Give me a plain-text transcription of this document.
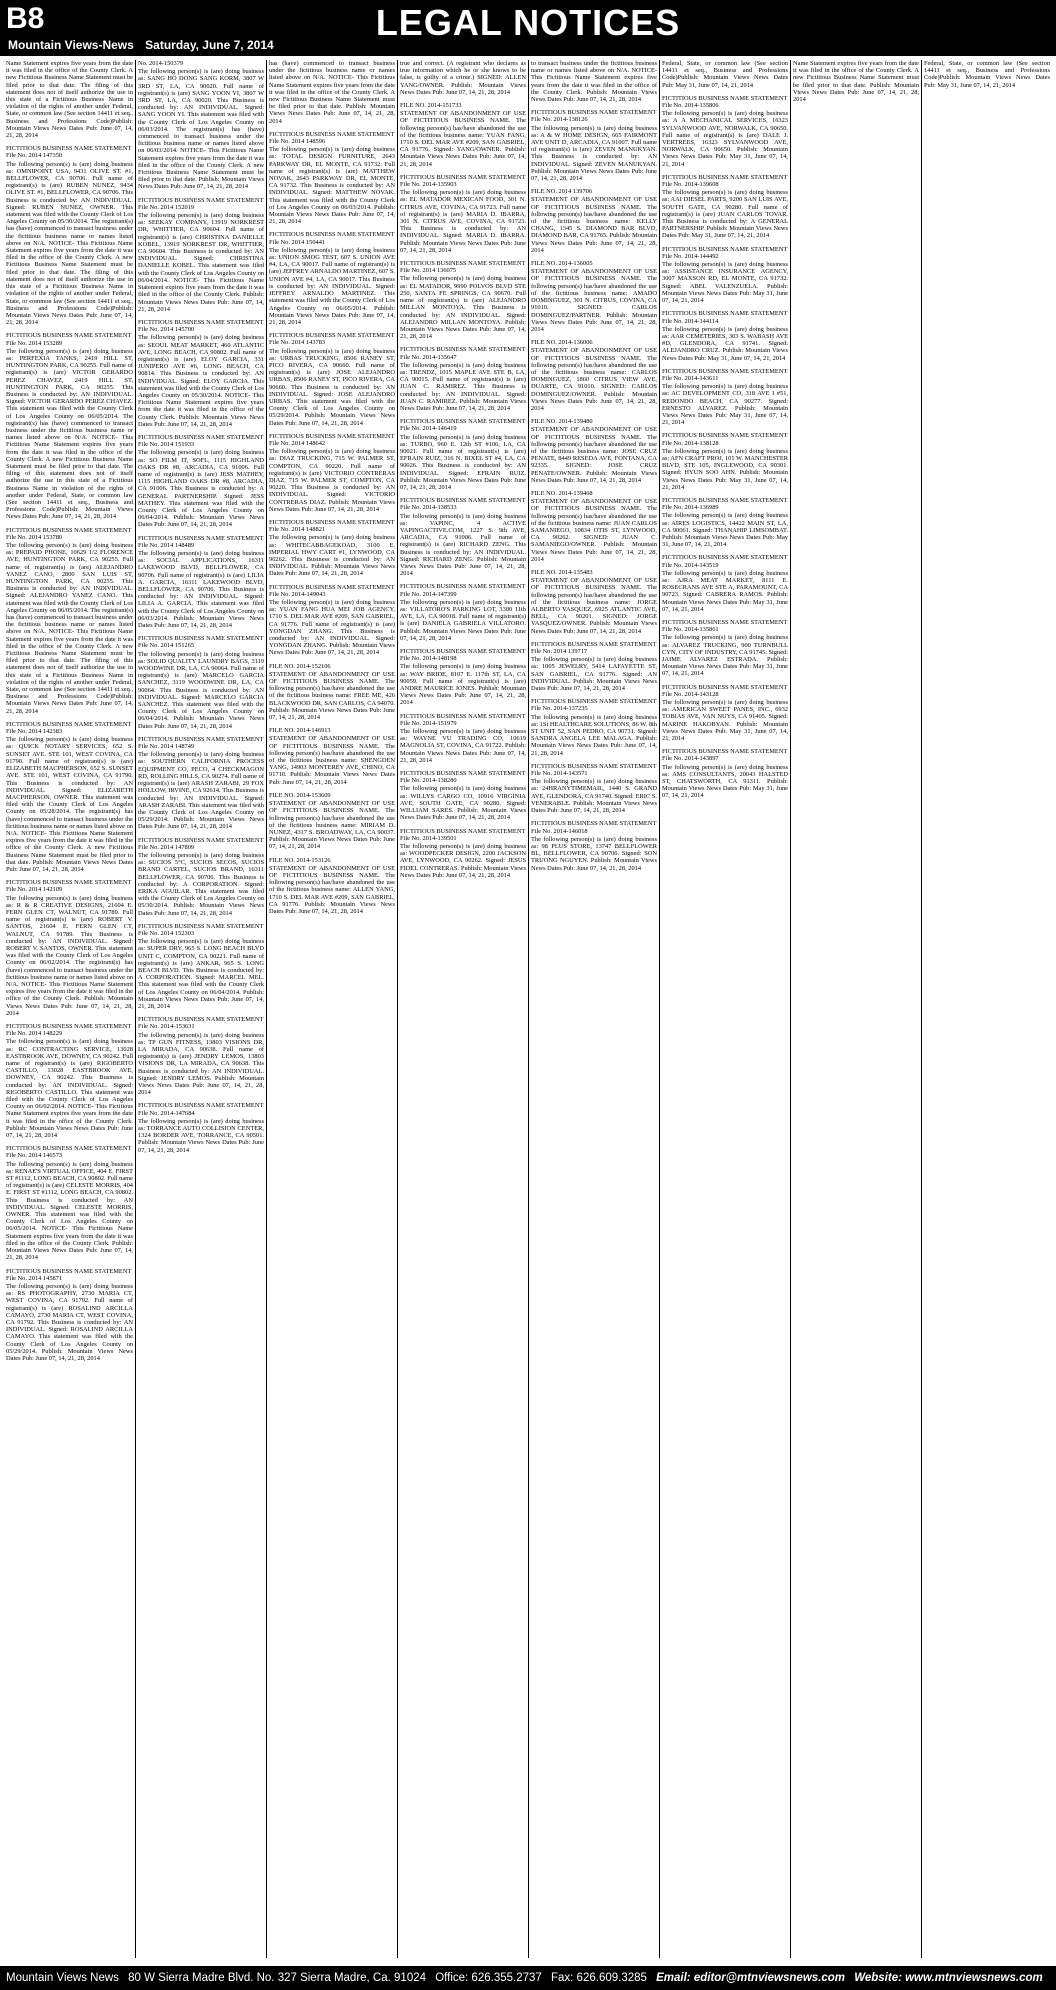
B8	LEGAL NOTICES
Mountain Views-News Saturday, June 7, 2014

Name Statement expires five years from the date it was filed in the office of the County Clerk. A new Fictitious Business Name Statement must be filed prior to that date. The filing of this statement does not of itself authorize the use in this state of a Fictitious Business Name in violation of the rights of another under Federal, State, or common law (See section 14411 et seq., Business and Professions Code)Publish: Mountain Views News Dates Pub: June 07, 14, 21, 28, 2014

FICTITIOUS BUSINESS NAME STATEMENT File No. 2014 147350

The following person(s) is (are) doing business as: OMNIPOINT USA, 9431 OLIVE ST. #1, BELLFLOWER, CA 90706. Full name of registrant(s) is (are) RUBEN NUNEZ, 9434 OLIVE ST. #1, BELLFLOWER, CA 90706. This Business is conducted by: AN INDIVIDUAL. Signed: RUBEN NUNEZ, OWNER. This statement was filed with the County Clerk of Los Angeles County on 05/30/2014. The registrant(s) has (have) commenced to transact business under the fictitious business name or names listed above on N/A. NOTICE- This Fictitious Name Statement expires five years from the date it was filed in the office of the County Clerk. A new Fictitious Business Name Statement must be filed prior to that date. The filing of this statement does not of itself authorize the use in this state of a Fictitious Business Name in violation of the rights of another under Federal, State, or common law (See section 14411 et seq., Business and Professions Code)Publish: Mountain Views News Dates Pub: June 07, 14, 21, 28, 2014

FICTITIOUS BUSINESS NAME STATEMENT File No. 2014 153289

The following person(s) is (are) doing business as: PERFEXIA TANKS, 2419 HILL ST, HUNTINGTON PARK, CA 90255. Full name of registrant(s) is (are) VICTOR GERARDO PEREZ CHAVEZ, 2419 HILL ST, HUNTINGTON PARK, CA 90255. This Business is conducted by: AN INDIVIDUAL. Signed: VICTOR GERARDO PEREZ CHAVEZ. This statement was filed with the County Clerk of Los Angeles County on 06/05/2014. The registrant(s) has (have) commenced to transact business under the fictitious business name or names listed above on N/A. NOTICE- This Fictitious Name Statement expires five years from the date it was filed in the office of the County Clerk. A new Fictitious Business Name Statement must be filed prior to that date. The filing of this statement does not of itself authorize the use in this state of a Fictitious Business Name in violation of the rights of another under Federal, State, or common law (See section 14411 et seq., Business and Professions Code)Publish: Mountain Views News Dates Pub: June 07, 14, 21, 28, 2014

FICTITIOUS BUSINESS NAME STATEMENT File No. 2014 153780

The following person(s) is (are) doing business as: PREPAID PHONE, 10629 1/2 FLORENCE AVE, HUNTINGTON PARK, CA 90255. Full name of registrant(s) is (are) ALEJANDRO YANEZ CANO, 2800 SAN LUIS ST, HUNTINGTON PARK, CA 90255. This Business is conducted by: AN INDIVIDUAL. Signed: ALEJANDRO YANEZ CANO. This statement was filed with the County Clerk of Los Angeles County on 06/05/2014. The registrant(s) has (have) commenced to transact business under the fictitious business name or names listed above on N/A. NOTICE- This Fictitious Name Statement expires five years from the date it was filed in the office of the County Clerk. A new Fictitious Business Name Statement must be filed prior to that date. The filing of this statement does not of itself authorize the use in this state of a Fictitious Business Name in violation of the rights of another under Federal, State, or common law (See section 14411 et seq., Business and Professions Code)Publish: Mountain Views News Dates Pub: June 07, 14, 21, 28, 2014

FICTITIOUS BUSINESS NAME STATEMENT File No. 2014 142383

The following person(s) is (are) doing business as: QUICK NOTARY SERVICES, 652 S. SUNSET AVE. STE 101, WEST COVINA, CA 91790. Full name of registrant(s) is (are) ELIZABETH MACPHERSON, 652 S. SUNSET AVE. STE 101, WEST COVINA, CA 91790. This Business is conducted by: AN INDIVIDUAL. Signed: ELIZABETH MACPHERSON, OWNER. This statement was filed with the County Clerk of Los Angeles County on 05/28/2014. The registrant(s) has (have) commenced to transact business under the fictitious business name or names listed above on N/A. NOTICE- This Fictitious Name Statement expires five years from the date it was filed in the office of the County Clerk. A new Fictitious Business Name Statement must be filed prior to that date. Publish: Mountain Views News Dates Pub: June 07, 14, 21, 28, 2014

FICTITIOUS BUSINESS NAME STATEMENT File No. 2014 142109

The following person(s) is (are) doing business as: R & R CREATIVE DESIGNS, 21604 E. FERN GLEN CT, WALNUT, CA 91789. Full name of registrant(s) is (are) ROBERT V. SANTOS, 21604 E. FERN GLEN CT, WALNUT, CA 91789. This Business is conducted by: AN INDIVIDUAL. Signed: ROBERT V. SANTOS, OWNER. This statement was filed with the County Clerk of Los Angeles County on 06/02/2014. The registrant(s) has (have) commenced to transact business under the fictitious business name or names listed above on N/A. NOTICE- This Fictitious Name Statement expires five years from the date it was filed in the office of the County Clerk. Publish: Mountain Views News Dates Pub: June 07, 14, 21, 28, 2014

FICTITIOUS BUSINESS NAME STATEMENT File No. 2014 148229

The following person(s) is (are) doing business as: RC CONTRACTING SERVICE, 13028 EASTBROOK AVE, DOWNEY, CA 90242. Full name of registrant(s) is (are) RIGOBERTO CASTILLO, 13028 EASTBROOK AVE, DOWNEY, CA 90242. This Business is conducted by: AN INDIVIDUAL. Signed: RIGOBERTO CASTILLO. This statement was filed with the County Clerk of Los Angeles County on 06/02/2014. NOTICE- This Fictitious Name Statement expires five years from the date it was filed in the office of the County Clerk. Publish: Mountain Views News Dates Pub: June 07, 14, 21, 28, 2014

FICTITIOUS BUSINESS NAME STATEMENT File No. 2014 146573

The following person(s) is (are) doing business as: RENAE'S VIRTUAL OFFICE, 404 E. FIRST ST #1112, LONG BEACH, CA 90802. Full name of registrant(s) is (are) CELESTE MORRIS, 404 E. FIRST ST #1112, LONG BEACH, CA 90802. This Business is conducted by: AN INDIVIDUAL. Signed: CELESTE MORRIS, OWNER. This statement was filed with the County Clerk of Los Angeles County on 06/05/2014. NOTICE- This Fictitious Name Statement expires five years from the date it was filed in the office of the County Clerk. Publish: Mountain Views News Dates Pub: June 07, 14, 21, 28, 2014

FICTITIOUS BUSINESS NAME STATEMENT File No. 2014 145871

The following person(s) is (are) doing business as: RS PHOTOGRAPHY, 2730 MARIA CT, WEST COVINA, CA 91792. Full name of registrant(s) is (are) ROSALIND ARCILLA CAMAYO, 2730 MARIA CT, WEST COVINA, CA 91792. This Business is conducted by: AN INDIVIDUAL. Signed: ROSALIND ARCILLA CAMAYO. This statement was filed with the County Clerk of Los Angeles County on 05/29/2014. Publish: Mountain Views News Dates Pub: June 07, 14, 21, 28, 2014

No. 2014-150379

The following person(s) is (are) doing business as: SANG HO DONG SANG KORM, 3807 W 3RD ST, LA, CA 90020. Full name of registrant(s) is (are) SANG YOON YI, 3807 W 3RD ST, LA, CA 90020. This Business is conducted by: AN INDIVIDUAL. Signed: SANG YOON YI. This statement was filed with the County Clerk of Los Angeles County on 06/03/2014. The registrant(s) has (have) commenced to transact business under the fictitious business name or names listed above on 06/03/2014. NOTICE- This Fictitious Name Statement expires five years from the date it was filed in the office of the County Clerk. A new Fictitious Business Name Statement must be filed prior to that date. Publish: Mountain Views News Dates Pub: June 07, 14, 21, 28, 2014

FICTITIOUS BUSINESS NAME STATEMENT File No. 2014 152019

The following person(s) is (are) doing business as: SEEKAY COMPANY, 13919 NORKREST DR, WHITTIER, CA 90604. Full name of registrant(s) is (are) CHRISTINA DANIELLE KOBEL, 13919 NORKREST DR, WHITTIER, CA 90604. This Business is conducted by: AN INDIVIDUAL. Signed: CHRISTINA DANIELLE KOBEL. This statement was filed with the County Clerk of Los Angeles County on 06/04/2014. NOTICE- This Fictitious Name Statement expires five years from the date it was filed in the office of the County Clerk. Publish: Mountain Views News Dates Pub: June 07, 14, 21, 28, 2014

FICTITIOUS BUSINESS NAME STATEMENT File No. 2014 145700

The following person(s) is (are) doing business as: SEOUL MEAT MARKET, 460 ATLANTIC AVE, LONG BEACH, CA 90802. Full name of registrant(s) is (are) ELOY GARCIA, 331 JUNIPERO AVE #6, LONG BEACH, CA 90814. This Business is conducted by: AN INDIVIDUAL. Signed: ELOY GARCIA. This statement was filed with the County Clerk of Los Angeles County on 05/30/2014. NOTICE- This Fictitious Name Statement expires five years from the date it was filed in the office of the County Clerk. Publish: Mountain Views News Dates Pub: June 07, 14, 21, 28, 2014

FICTITIOUS BUSINESS NAME STATEMENT File No. 2014 151933

The following person(s) is (are) doing business as: SO FILM IT, SOFL, 1115 HIGHLAND OAKS DR #8, ARCADIA, CA 91006. Full name of registrant(s) is (are) JESS MATHEY, 1115 HIGHLAND OAKS DR #8, ARCADIA, CA 91006. This Business is conducted by: A GENERAL PARTNERSHIP. Signed: JESS MATHEY. This statement was filed with the County Clerk of Los Angeles County on 06/04/2014. Publish: Mountain Views News Dates Pub: June 07, 14, 21, 28, 2014

FICTITIOUS BUSINESS NAME STATEMENT File No. 2014 148489

The following person(s) is (are) doing business as: SOCIAL APPLICATIONS, 16311 LAKEWOOD BLVD, BELLFLOWER, CA 90706. Full name of registrant(s) is (are) LILIA A. GARCIA, 16311 LAKEWOOD BLVD, BELLFLOWER, CA 90706. This Business is conducted by: AN INDIVIDUAL. Signed: LILIA A. GARCIA. This statement was filed with the County Clerk of Los Angeles County on 06/03/2014. Publish: Mountain Views News Dates Pub: June 07, 14, 21, 28, 2014

FICTITIOUS BUSINESS NAME STATEMENT File No. 2014 151265

The following person(s) is (are) doing business as: SOLID QUALITY LAUNDRY BAGS, 3119 WOODWINE DR, LA, CA 90064. Full name of registrant(s) is (are) MARCELO GARCIA SANCHEZ, 3119 WOODWINE DR, LA, CA 90064. This Business is conducted by: AN INDIVIDUAL. Signed: MARCELO GARCIA SANCHEZ. This statement was filed with the County Clerk of Los Angeles County on 06/04/2014. Publish: Mountain Views News Dates Pub: June 07, 14, 21, 28, 2014

FICTITIOUS BUSINESS NAME STATEMENT File No. 2014 148749

The following person(s) is (are) doing business as: SOUTHERN CALIFORNIA PROCESS EQUIPMENT CO, PECO, 4 CHECKMAGON RD, ROLLING HILLS, CA 90274. Full name of registrant(s) is (are) ARASH ZARABI, 29 FOX HOLLOW, IRVINE, CA 92614. This Business is conducted by: AN INDIVIDUAL. Signed: ARASH ZARABI. This statement was filed with the County Clerk of Los Angeles County on 05/29/2014. Publish: Mountain Views News Dates Pub: June 07, 14, 21, 28, 2014

FICTITIOUS BUSINESS NAME STATEMENT File No. 2014 147809

The following person(s) is (are) doing business as: SUCIOS 5°C, SUCIOS SECOS, SUCIOS BRAND CARTEL, SUCIOS BRAND, 16311 BELLFLOWER, CA 90706. This Business is conducted by: A CORPORATION. Signed: ERIKA AGUILAR. This statement was filed with the County Clerk of Los Angeles County on 05/30/2014. Publish: Mountain Views News Dates Pub: June 07, 14, 21, 28, 2014

FICTITIOUS BUSINESS NAME STATEMENT File No. 2014 152303

The following person(s) is (are) doing business as: SUPER DRY, 965 S. LONG BEACH BLVD UNIT C, COMPTON, CA 90221. Full name of registrant(s) is (are) ANKAR, 965 S. LONG BEACH BLVD. This Business is conducted by: A CORPORATION. Signed: MARCEL MEL. This statement was filed with the County Clerk of Los Angeles County on 06/04/2014. Publish: Mountain Views News Dates Pub: June 07, 14, 21, 28, 2014

FICTITIOUS BUSINESS NAME STATEMENT File No. 2014-153631

The following person(s) is (are) doing business as: TP GUN FITNESS, 13803 VISIONS DR, LA MIRADA, CA 90638. Full name of registrant(s) is (are) JENDRY LEMOS, 13803 VISIONS DR, LA MIRADA, CA 90638. This Business is conducted by: AN INDIVIDUAL. Signed: JENDRY LEMOS. Publish: Mountain Views News Dates Pub: June 07, 14, 21, 28, 2014

FICTITIOUS BUSINESS NAME STATEMENT File No. 2014-147684

The following person(s) is (are) doing business as: TORRANCE AUTO COLLISION CENTER, 1324 BORDER AVE, TORRANCE, CA 90501. Publish: Mountain Views News Dates Pub: June 07, 14, 21, 28, 2014

has (have) commenced to transact business under the fictitious business name or names listed above on N/A. NOTICE- This Fictitious Name Statement expires five years from the date it was filed in the office of the County Clerk. A new Fictitious Business Name Statement must be filed prior to that date. Publish: Mountain Views News Dates Pub: June 07, 14, 21, 28, 2014

FICTITIOUS BUSINESS NAME STATEMENT File No. 2014 148596

The following person(s) is (are) doing business as: TOTAL DESIGN FURNITURE, 2643 PARKWAY DR, EL MONTE, CA 91732. Full name of registrant(s) is (are) MATTHEW NOVAK, 2643 PARKWAY DR, EL MONTE, CA 91732. This Business is conducted by: AN INDIVIDUAL. Signed: MATTHEW NOVAK. This statement was filed with the County Clerk of Los Angeles County on 06/03/2014. Publish: Mountain Views News Dates Pub: June 07, 14, 21, 28, 2014

FICTITIOUS BUSINESS NAME STATEMENT File No. 2014 150441

The following person(s) is (are) doing business as: UNION SMOG TEST, 607 S. UNION AVE #4, LA, CA 90017. Full name of registrant(s) is (are) JEFFREY ARNALDO MARTINEZ, 607 S. UNION AVE #4, LA, CA 90017. This Business is conducted by: AN INDIVIDUAL. Signed: JEFFREY ARNALDO MARTINEZ. This statement was filed with the County Clerk of Los Angeles County on 06/05/2014. Publish: Mountain Views News Dates Pub: June 07, 14, 21, 28, 2014

FICTITIOUS BUSINESS NAME STATEMENT File No. 2014 143783

The following person(s) is (are) doing business as: URBAS TRUCKING, 8506 RANEY ST, PICO RIVERA, CA 90660. Full name of registrant(s) is (are) JOSE ALEJANDRO URBAS, 8506 RANEY ST, PICO RIVERA, CA 90660. This Business is conducted by: AN INDIVIDUAL. Signed: JOSE ALEJANDRO URBAS. This statement was filed with the County Clerk of Los Angeles County on 05/29/2014. Publish: Mountain Views News Dates Pub: June 07, 14, 21, 28, 2014

FICTITIOUS BUSINESS NAME STATEMENT File No. 2014 148642

The following person(s) is (are) doing business as: DIAZ TRUCKING, 715 W. PALMER ST, COMPTON, CA 90220. Full name of registrant(s) is (are) VICTORIO CONTRERAS DIAZ, 715 W. PALMER ST, COMPTON, CA 90220. This Business is conducted by: AN INDIVIDUAL. Signed: VICTORIO CONTRERAS DIAZ. Publish: Mountain Views News Dates Pub: June 07, 14, 21, 28, 2014

FICTITIOUS BUSINESS NAME STATEMENT File No. 2014 148821

The following person(s) is (are) doing business as: WHITECABBAGEKOAD, 3100 E. IMPERIAL HWY CART #1, LYNWOOD, CA 90262. This Business is conducted by: AN INDIVIDUAL. Publish: Mountain Views News Dates Pub: June 07, 14, 21, 28, 2014

FICTITIOUS BUSINESS NAME STATEMENT File No. 2014-149043

The following person(s) is (are) doing business as: YUAN FANG HUA MEI JOB AGENCY, 1710 S. DEL MAR AVE #209, SAN GABRIEL, CA 91776. Full name of registrant(s) is (are) YONGDAN ZHANG. This Business is conducted by: AN INDIVIDUAL. Signed: YONGDAN ZHANG. Publish: Mountain Views News Dates Pub: June 07, 14, 21, 28, 2014

FILE NO. 2014-152106

STATEMENT OF ABANDONMENT OF USE OF FICTITIOUS BUSINESS NAME. The following person(s) has/have abandoned the use of the fictitious business name: FREE ME, 426 BLACKWOOD DR, SAN CARLOS, CA 94070. Publish: Mountain Views News Dates Pub: June 07, 14, 21, 28, 2014

FILE NO. 2014-146913

STATEMENT OF ABANDONMENT OF USE OF FICTITIOUS BUSINESS NAME. The following person(s) has/have abandoned the use of the fictitious business name: SHENGDEN YANG, 14903 MONTEREY AVE, CHINO, CA 91710. Publish: Mountain Views News Dates Pub: June 07, 14, 21, 28, 2014

FILE NO. 2014-153609

STATEMENT OF ABANDONMENT OF USE OF FICTITIOUS BUSINESS NAME. The following person(s) has/have abandoned the use of the fictitious business name: MIRIAM D. NUNEZ, 4317 S. BROADWAY, LA, CA 90037. Publish: Mountain Views News Dates Pub: June 07, 14, 21, 28, 2014

FILE NO. 2014-153126

STATEMENT OF ABANDONMENT OF USE OF FICTITIOUS BUSINESS NAME. The following person(s) has/have abandoned the use of the fictitious business name: ALLEN YANG, 1710 S. DEL MAR AVE #209, SAN GABRIEL, CA 91776. Publish: Mountain Views News Dates Pub: June 07, 14, 21, 28, 2014

true and correct. (A registrant who declares as true information which he or she knows to be false, is guilty of a crime.) SIGNED: ALLEN YANG/OWNER. Publish: Mountain Views News Dates Pub: June 07, 14, 21, 28, 2014

FILE NO. 2014-151733

STATEMENT OF ABANDONMENT OF USE OF FICTITIOUS BUSINESS NAME. The following person(s) has/have abandoned the use of the fictitious business name: YUAN FANG, 1710 S. DEL MAR AVE #209, SAN GABRIEL, CA 91776. Signed: YANG/OWNER. Publish: Mountain Views News Dates Pub: June 07, 14, 21, 28, 2014

FICTITIOUS BUSINESS NAME STATEMENT File No. 2014-135903

The following person(s) is (are) doing business as: EL MATADOR MEXICAN FOOD, 301 N. CITRUS AVE, COVINA, CA 91723. Full name of registrant(s) is (are) MARIA D. IBARRA, 301 N. CITRUS AVE, COVINA, CA 91723. This Business is conducted by: AN INDIVIDUAL. Signed: MARIA D. IBARRA. Publish: Mountain Views News Dates Pub: June 07, 14, 21, 28, 2014

FICTITIOUS BUSINESS NAME STATEMENT File No. 2014 136075

The following person(s) is (are) doing business as: EL MATADOR, 9990 POLVOS BLVD STE 250, SANTA FE SPRINGS, CA 90670. Full name of registrant(s) is (are) ALEJANDRO MILLAN MONTOYA. This Business is conducted by: AN INDIVIDUAL. Signed: ALEJANDRO MILLAN MONTOYA. Publish: Mountain Views News Dates Pub: June 07, 14, 21, 28, 2014

FICTITIOUS BUSINESS NAME STATEMENT File No. 2014-135647

The following person(s) is (are) doing business as: TRENDZ, 1015 MAPLE AVE STE B, LA, CA 90015. Full name of registrant(s) is (are) JUAN C. RAMIREZ. This Business is conducted by: AN INDIVIDUAL. Signed: JUAN C. RAMIREZ. Publish: Mountain Views News Dates Pub: June 07, 14, 21, 28, 2014

FICTITIOUS BUSINESS NAME STATEMENT File No. 2014-146419

The following person(s) is (are) doing business as: TURBO, 960 E. 12th ST #106, LA, CA 90021. Full name of registrant(s) is (are) EFRAIN RUIZ, 316 N. BIXEL ST #4, LA, CA 90026. This Business is conducted by: AN INDIVIDUAL. Signed: EFRAIN RUIZ. Publish: Mountain Views News Dates Pub: June 07, 14, 21, 28, 2014

FICTITIOUS BUSINESS NAME STATEMENT File No. 2014-138533

The following person(s) is (are) doing business as: VAPINC, 4 ACTIVE VAPINGACTIVE.COM, 1227 S. 9th AVE, ARCADIA, CA 91006. Full name of registrant(s) is (are) RICHARD ZENG. This Business is conducted by: AN INDIVIDUAL. Signed: RICHARD ZENG. Publish: Mountain Views News Dates Pub: June 07, 14, 21, 28, 2014

FICTITIOUS BUSINESS NAME STATEMENT File No. 2014-147399

The following person(s) is (are) doing business as: VILLATORO'S PARKING LOT, 3300 11th AVE, LA, CA 90018. Full name of registrant(s) is (are) DANIELA GABRIELA VILLATORO. Publish: Mountain Views News Dates Pub: June 07, 14, 21, 28, 2014

FICTITIOUS BUSINESS NAME STATEMENT File No. 2014-148198

The following person(s) is (are) doing business as: WAY BRIDE, 8107 E. 117th ST, LA, CA 90059. Full name of registrant(s) is (are) ANDRE MAURICE JONES. Publish: Mountain Views News Dates Pub: June 07, 14, 21, 28, 2014

FICTITIOUS BUSINESS NAME STATEMENT File No. 2014-151979

The following person(s) is (are) doing business as: WAYNE VU TRADING CO, 10619 MAGNOLIA ST, COVINA, CA 91722. Publish: Mountain Views News Dates Pub: June 07, 14, 21, 28, 2014

FICTITIOUS BUSINESS NAME STATEMENT File No. 2014-138280

The following person(s) is (are) doing business as: WILLYS CARGO CO, 10916 VIRGINIA AVE, SOUTH GATE, CA 90280. Signed: WILLIAM SARES. Publish: Mountain Views News Dates Pub: June 07, 14, 21, 28, 2014

FICTITIOUS BUSINESS NAME STATEMENT File No. 2014-139501

The following person(s) is (are) doing business as: WOODPECKER DESIGN, 2200 JACKSON AVE, LYNWOOD, CA 90262. Signed: JESUS FIDEL CONTRERAS. Publish: Mountain Views News Dates Pub: June 07, 14, 21, 28, 2014

to transact business under the fictitious business name or names listed above on N/A. NOTICE- This Fictitious Name Statement expires five years from the date it was filed in the office of the County Clerk. Publish: Mountain Views News Dates Pub: June 07, 14, 21, 28, 2014

FICTITIOUS BUSINESS NAME STATEMENT File No. 2014-138126

The following person(s) is (are) doing business as: A & W HOME DESIGN, 665 FAIRMONT AVE UNIT D, ARCADIA, CA 91007. Full name of registrant(s) is (are) ZEVEN MANUKYAN. This Business is conducted by: AN INDIVIDUAL. Signed: ZEVEN MANUKYAN. Publish: Mountain Views News Dates Pub: June 07, 14, 21, 28, 2014

FILE NO. 2014 139706

STATEMENT OF ABANDONMENT OF USE OF FICTITIOUS BUSINESS NAME. The following person(s) has/have abandoned the use of the fictitious business name: KELLY CHANG, 1345 S. DIAMOND BAR BLVD, DIAMOND BAR, CA 91765. Publish: Mountain Views News Dates Pub: June 07, 14, 21, 28, 2014

FILE NO. 2014-136005

STATEMENT OF ABANDONMENT OF USE OF FICTITIOUS BUSINESS NAME. The following person(s) has/have abandoned the use of the fictitious business name: AMADO DOMINGUEZ, 301 N. CITRUS, COVINA, CA 91010. SIGNED: CARLOS DOMINGUEZ/PARTNER. Publish: Mountain Views News Dates Pub: June 07, 14, 21, 28, 2014

FILE NO. 2014-136006

STATEMENT OF ABANDONMENT OF USE OF FICTITIOUS BUSINESS NAME. The following person(s) has/have abandoned the use of the fictitious business name: CARLOS DOMINGUEZ, 1860 CITRUS VIEW AVE, DUARTE, CA 91010. SIGNED: CARLOS DOMINGUEZ/OWNER. Publish: Mountain Views News Dates Pub: June 07, 14, 21, 28, 2014

FILE NO. 2014-139480

STATEMENT OF ABANDONMENT OF USE OF FICTITIOUS BUSINESS NAME. The following person(s) has/have abandoned the use of the fictitious business name: JOSE CRUZ PENATE, 8449 RESEDA AVE, FONTANA, CA 92335. SIGNED: JOSE CRUZ PENATE/OWNER. Publish: Mountain Views News Dates Pub: June 07, 14, 21, 28, 2014

FILE NO. 2014-139468

STATEMENT OF ABANDONMENT OF USE OF FICTITIOUS BUSINESS NAME. The following person(s) has/have abandoned the use of the fictitious business name: JUAN CARLOS SAMANIEGO, 10834 OTIS ST, LYNWOOD, CA 90262. SIGNED: JUAN C. SAMANIEGO/OWNER. Publish: Mountain Views News Dates Pub: June 07, 14, 21, 28, 2014

FILE NO. 2014-135483

STATEMENT OF ABANDONMENT OF USE OF FICTITIOUS BUSINESS NAME. The following person(s) has/have abandoned the use of the fictitious business name: JORGE ALBERTO VASQUEZ, 6925 ATLANTIC AVE, BELL, CA 90201. SIGNED: JORGE VASQUEZ/OWNER. Publish: Mountain Views News Dates Pub: June 07, 14, 21, 28, 2014

FICTITIOUS BUSINESS NAME STATEMENT File No. 2014 139717

The following person(s) is (are) doing business as: 1005 JEWELRY, 5414 LAFAYETTE ST, SAN GABRIEL, CA 91776. Signed: AN INDIVIDUAL. Publish: Mountain Views News Dates Pub: June 07, 14, 21, 28, 2014

FICTITIOUS BUSINESS NAME STATEMENT File No. 2014-137235

The following person(s) is (are) doing business as: 1St HEALTHCARE SOLUTIONS, 86 W. 8th ST UNIT 52, SAN PEDRO, CA 90731. Signed: SANDRA ANGELA LEE MALAGA. Publish: Mountain Views News Dates Pub: June 07, 14, 21, 28, 2014

FICTITIOUS BUSINESS NAME STATEMENT File No. 2014-143571

The following person(s) is (are) doing business as: 24HRANYTIMEMAIL, 1440 S. GRAND AVE, GLENDORA, CA 91740. Signed: ERIC S. VENERABLE. Publish: Mountain Views News Dates Pub: June 07, 14, 21, 28, 2014

FICTITIOUS BUSINESS NAME STATEMENT File No. 2014-146018

The following person(s) is (are) doing business as: 98 PLUS STORE, 13747 BELLFLOWER BL, BELLFLOWER, CA 90706. Signed: SON TRUONG NGUYEN. Publish: Mountain Views News Dates Pub: June 07, 14, 21, 28, 2014

Federal, State, or common law (See section 14411 et seq., Business and Professions Code)Publish: Mountain Views News Dates Pub: May 31, June 07, 14, 21, 2014

FICTITIOUS BUSINESS NAME STATEMENT File No. 2014-135806

The following person(s) is (are) doing business as: A A MECHANICAL SERVICES, 16323 SYLVANWOOD AVE, NORWALK, CA 90650. Full name of registrant(s) is (are) DALE J. VERTREES, 16323 SYLVANWOOD AVE, NORWALK, CA 90650. Publish: Mountain Views News Dates Pub: May 31, June 07, 14, 21, 2014

FICTITIOUS BUSINESS NAME STATEMENT File No. 2014-139608

The following person(s) is (are) doing business as: AAI DIESEL PARTS, 9200 SAN LUIS AVE, SOUTH GATE, CA 90280. Full name of registrant(s) is (are) JUAN CARLOS TOVAR. This Business is conducted by: A GENERAL PARTNERSHIP. Publish: Mountain Views News Dates Pub: May 31, June 07, 14, 21, 2014

FICTITIOUS BUSINESS NAME STATEMENT File No. 2014-144492

The following person(s) is (are) doing business as: ASSISTANCE INSURANCE AGENCY, 3007 MAXSON RD, EL MONTE, CA 91732. Signed: ABEL VALENZUELA. Publish: Mountain Views News Dates Pub: May 31, June 07, 14, 21, 2014

FICTITIOUS BUSINESS NAME STATEMENT File No. 2014-144114

The following person(s) is (are) doing business as: AAR CEMETERIES, 303 S. WABASH AVE #D, GLENDORA, CA 91741. Signed: ALEJANDRO CRUZ. Publish: Mountain Views News Dates Pub: May 31, June 07, 14, 21, 2014

FICTITIOUS BUSINESS NAME STATEMENT File No. 2014-143611

The following person(s) is (are) doing business as: AC DEVELOPMENT CO, 318 AVE I #51, REDONDO BEACH, CA 90277. Signed: ERNESTO ALVAREZ. Publish: Mountain Views News Dates Pub: May 31, June 07, 14, 21, 2014

FICTITIOUS BUSINESS NAME STATEMENT File No. 2014-138128

The following person(s) is (are) doing business as: AFN CRAFT PROJ, 101 W. MANCHESTER BLVD, STE 105, INGLEWOOD, CA 90301. Signed: HYUN SOO AHN. Publish: Mountain Views News Dates Pub: May 31, June 07, 14, 21, 2014

FICTITIOUS BUSINESS NAME STATEMENT File No. 2014-136989

The following person(s) is (are) doing business as: AIRES LOGISTICS, 14422 MAIN ST, LA, CA 90061. Signed: THANAHIP LIMSOMBAT. Publish: Mountain Views News Dates Pub: May 31, June 07, 14, 21, 2014

FICTITIOUS BUSINESS NAME STATEMENT File No. 2014-143519

The following person(s) is (are) doing business as: AJRA MEAT MARKET, 8111 E. ROSECRANS AVE STE A, PARAMOUNT, CA 90723. Signed: CABRERA RAMOS. Publish: Mountain Views News Dates Pub: May 31, June 07, 14, 21, 2014

FICTITIOUS BUSINESS NAME STATEMENT File No. 2014-135861

The following person(s) is (are) doing business as: ALVAREZ TRUCKING, 900 TURNBULL CYN, CITY OF INDUSTRY, CA 91745. Signed: JAIME ALVAREZ ESTRADA. Publish: Mountain Views News Dates Pub: May 31, June 07, 14, 21, 2014

FICTITIOUS BUSINESS NAME STATEMENT File No. 2014-143128

The following person(s) is (are) doing business as: AMERICAN SWEET PANES, INC., 6932 TOBIAS AVE, VAN NUYS, CA 91405. Signed: MARINE HAKOBYAN. Publish: Mountain Views News Dates Pub: May 31, June 07, 14, 21, 2014

FICTITIOUS BUSINESS NAME STATEMENT File No. 2014-143897

The following person(s) is (are) doing business as: AMS CONSULTANTS, 20043 HALSTED ST, CHATSWORTH, CA 91311. Publish: Mountain Views News Dates Pub: May 31, June 07, 14, 21, 2014

Name Statement expires five years from the date it was filed in the office of the County Clerk. A new Fictitious Business Name Statement must be filed prior to that date. Publish: Mountain Views News Dates Pub: June 07, 14, 21, 28, 2014

Federal, State, or common law (See section 14411 et seq., Business and Professions Code)Publish: Mountain Views News Dates Pub: May 31, June 07, 14, 21, 2014

Mountain Views News 80 W Sierra Madre Blvd. No. 327 Sierra Madre, Ca. 91024 Office: 626.355.2737 Fax: 626.609.3285 Email: editor@mtnviewsnews.com Website: www.mtnviewsnews.com
